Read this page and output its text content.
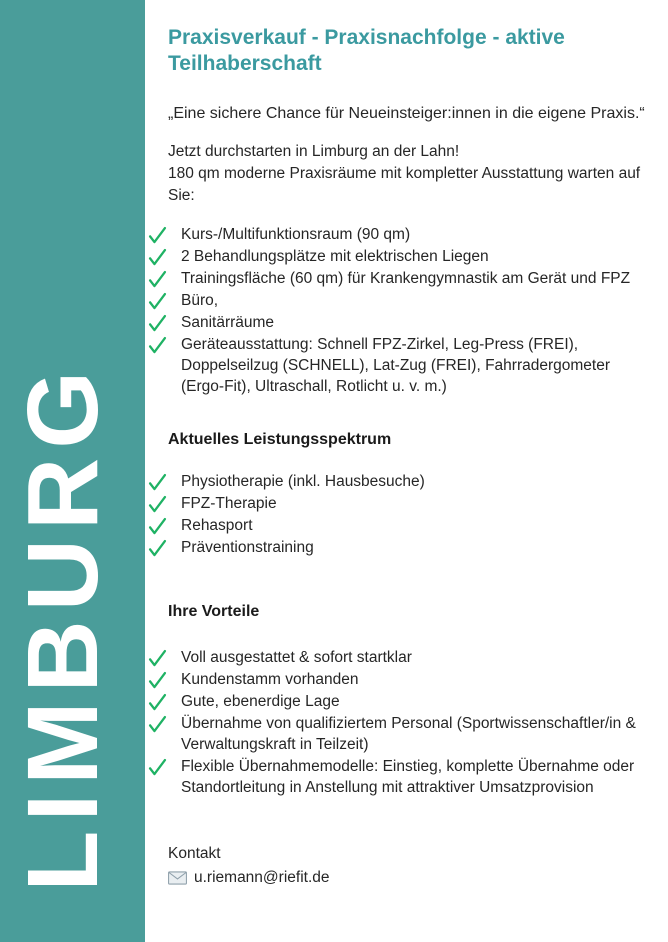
LIMBURG
Praxisverkauf - Praxisnachfolge - aktive Teilhaberschaft
„Eine sichere Chance für Neueinsteiger:innen in die eigene Praxis.“
Jetzt durchstarten in Limburg an der Lahn!
180 qm moderne Praxisräume mit kompletter Ausstattung warten auf Sie:
Kurs-/Multifunktionsraum (90 qm)
2 Behandlungsplätze mit elektrischen Liegen
Trainingsfläche (60 qm) für Krankengymnastik am Gerät und FPZ
Büro,
Sanitärräume
Geräteausstattung: Schnell FPZ-Zirkel, Leg-Press (FREI), Doppelseilzug (SCHNELL), Lat-Zug (FREI), Fahrradergometer (Ergo-Fit), Ultraschall, Rotlicht u. v. m.)
Aktuelles Leistungsspektrum
Physiotherapie (inkl. Hausbesuche)
FPZ-Therapie
Rehasport
Präventionstraining
Ihre Vorteile
Voll ausgestattet & sofort startklar
Kundenstamm vorhanden
Gute, ebenerdige Lage
Übernahme von qualifiziertem Personal (Sportwissenschaftler/in & Verwaltungskraft in Teilzeit)
Flexible Übernahmemodelle: Einstieg, komplette Übernahme oder Standortleitung in Anstellung mit attraktiver Umsatzprovision
Kontakt
u.riemann@riefit.de
